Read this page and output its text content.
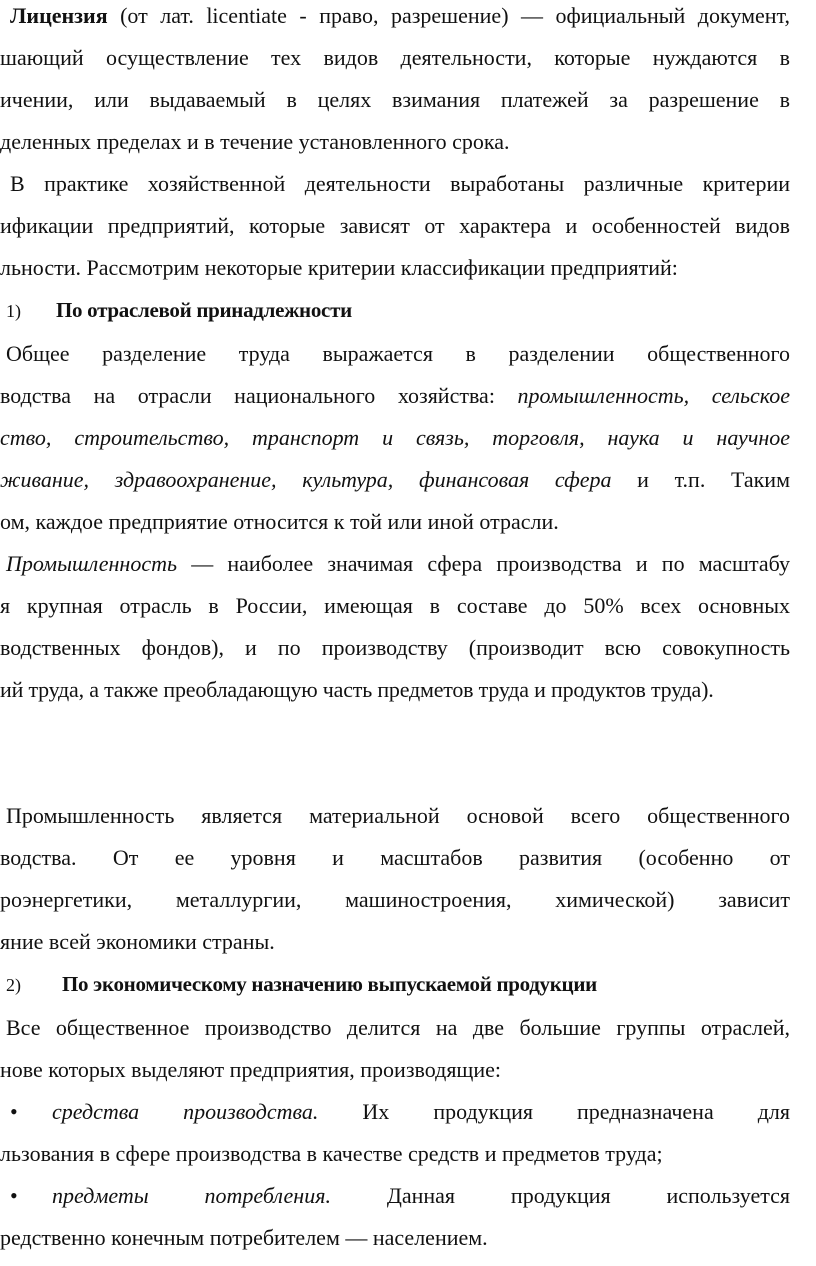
Лицензия (от лат. licentiate - право, разрешение) — официальный документ,
шающий осуществление тех видов деятельности, которые нуждаются в
ичении, или выдаваемый в целях взимания платежей за разрешение в
деленных пределах и в течение установленного срока.
В практике хозяйственной деятельности выработаны различные критерии
ификации предприятий, которые зависят от характера и особенностей видов
льности. Рассмотрим некоторые критерии классификации предприятий:
1) По отраслевой принадлежности
Общее разделение труда выражается в разделении общественного
водства на отрасли национального хозяйства: промышленность, сельское
ство, строительство, транспорт и связь, торговля, наука и научное
живание, здравоохранение, культура, финансовая сфера и т.п. Таким
ом, каждое предприятие относится к той или иной отрасли.
Промышленность — наиболее значимая сфера производства и по масштабу
я крупная отрасль в России, имеющая в составе до 50% всех основных
водственных фондов), и по производству (производит всю совокупность
ий труда, а также преобладающую часть предметов труда и продуктов труда).
Промышленность является материальной основой всего общественного
водства. От ее уровня и масштабов развития (особенно от
роэнергетики, металлургии, машиностроения, химической) зависит
яние всей экономики страны.
2) По экономическому назначению выпускаемой продукции
Все общественное производство делится на две большие группы отраслей,
нове которых выделяют предприятия, производящие:
•	средства производства. Их продукция предназначена для
льзования в сфере производства в качестве средств и предметов труда;
•	предметы потребления.	Данная продукция используется
редственно конечным потребителем — населением.
